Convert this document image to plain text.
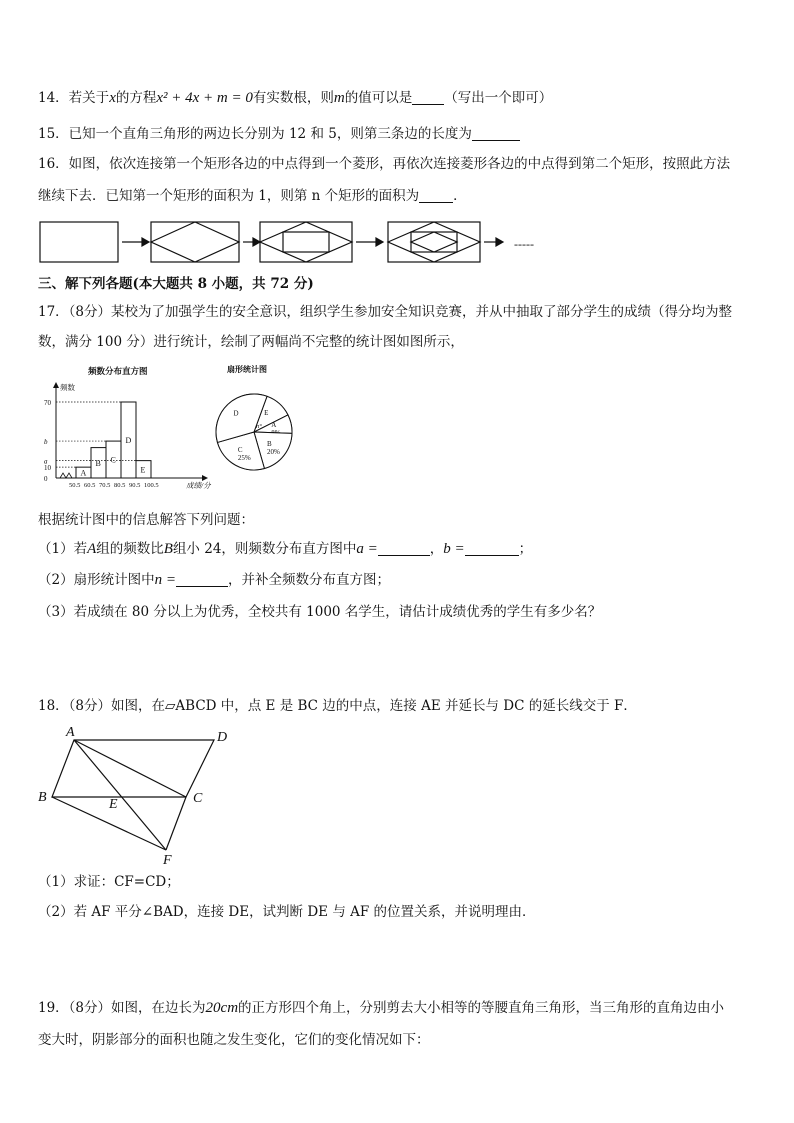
14．若关于x的方程x² + 4x + m = 0有实数根，则m的值可以是 （写出一个即可）
15．已知一个直角三角形的两边长分别为 12 和 5，则第三条边的长度为
16．如图，依次连接第一个矩形各边的中点得到一个菱形，再依次连接菱形各边的中点得到第二个矩形，按照此方法
继续下去．已知第一个矩形的面积为 1，则第 n 个矩形的面积为	．
-----
三、解下列各题(本大题共 8 小题，共 72 分)
17．（8分）某校为了加强学生的安全意识，组织学生参加安全知识竞赛，并从中抽取了部分学生的成绩（得分均为整
数，满分 100 分）进行统计，绘制了两幅尚不完整的统计图如图所示，
频数分布直方图
频数
成绩/分
A
B C
D
E
50.5 60.5 70.5 80.5 90.5 100.5
0
10
a
b
70
扇形统计图
E
A
B
20%
C
25%
D
n°
根据统计图中的信息解答下列问题：
（1）若A组的频数比B组小 24，则频数分布直方图中a =	，b =	；
（2）扇形统计图中n =	，并补全频数分布直方图；
（3）若成绩在 80 分以上为优秀，全校共有 1000 名学生，请估计成绩优秀的学生有多少名？
18．（8分）如图，在▱ABCD 中，点 E 是 BC 边的中点，连接 AE 并延长与 DC 的延长线交于 F．
A	D
B	E	C
F
（1）求证：CF=CD；
（2）若 AF 平分∠BAD，连接 DE，试判断 DE 与 AF 的位置关系，并说明理由．
19．（8分）如图，在边长为20cm的正方形四个角上，分别剪去大小相等的等腰直角三角形，当三角形的直角边由小
变大时，阴影部分的面积也随之发生变化，它们的变化情况如下：
